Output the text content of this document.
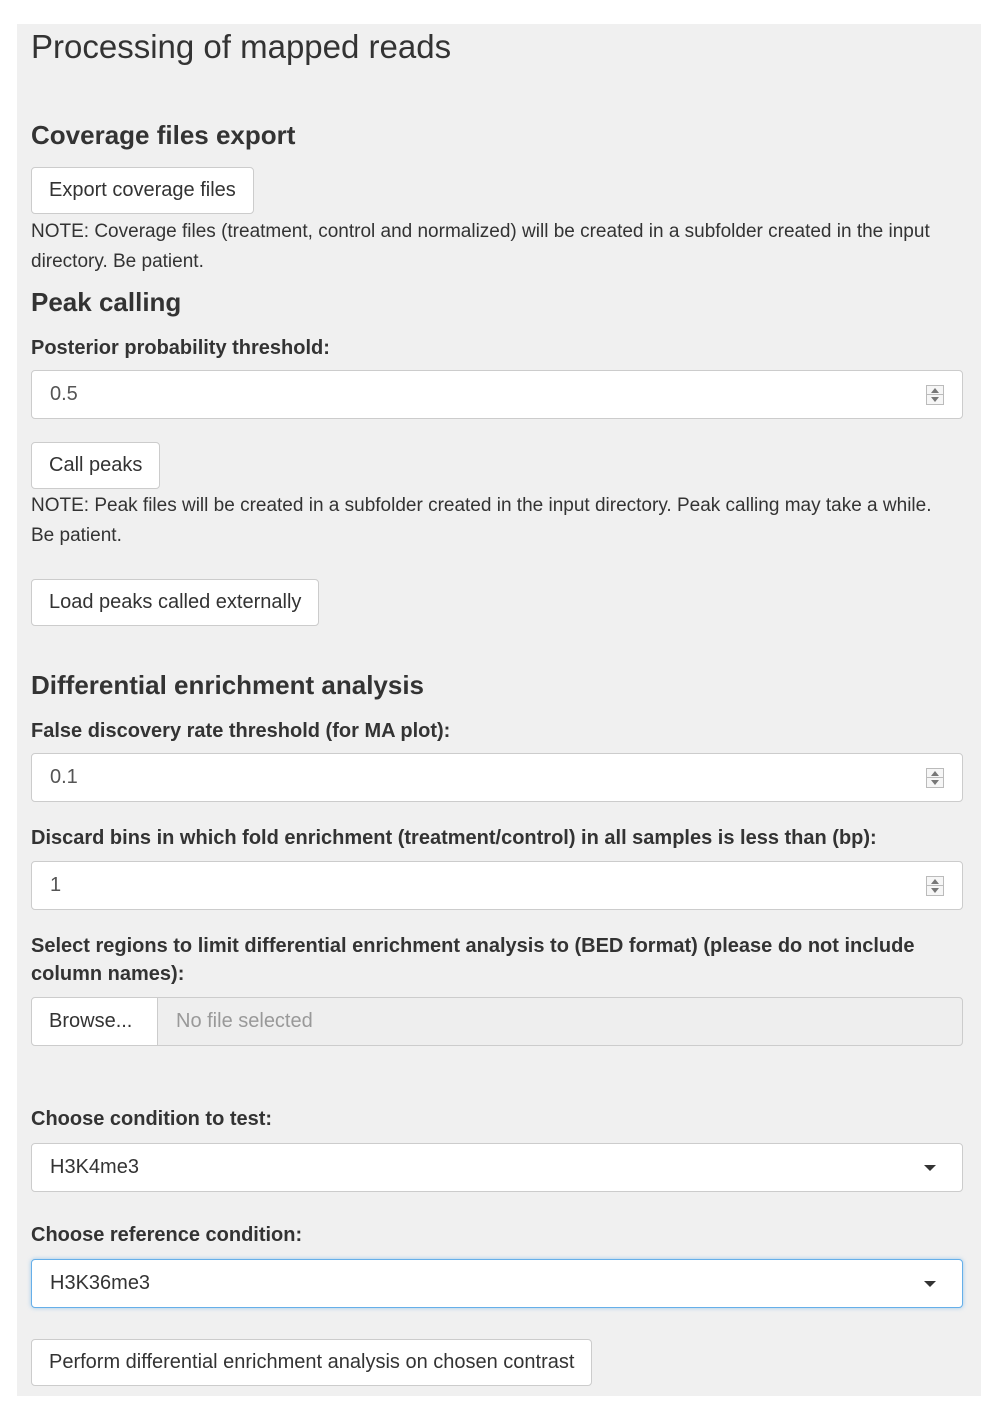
Processing of mapped reads
Coverage files export
Export coverage files
NOTE: Coverage files (treatment, control and normalized) will be created in a subfolder created in the input directory. Be patient.
Peak calling
Posterior probability threshold:
0.5
Call peaks
NOTE: Peak files will be created in a subfolder created in the input directory. Peak calling may take a while. Be patient.
Load peaks called externally
Differential enrichment analysis
False discovery rate threshold (for MA plot):
0.1
Discard bins in which fold enrichment (treatment/control) in all samples is less than (bp):
1
Select regions to limit differential enrichment analysis to (BED format) (please do not include column names):
Browse...	No file selected
Choose condition to test:
H3K4me3
Choose reference condition:
H3K36me3
Perform differential enrichment analysis on chosen contrast
